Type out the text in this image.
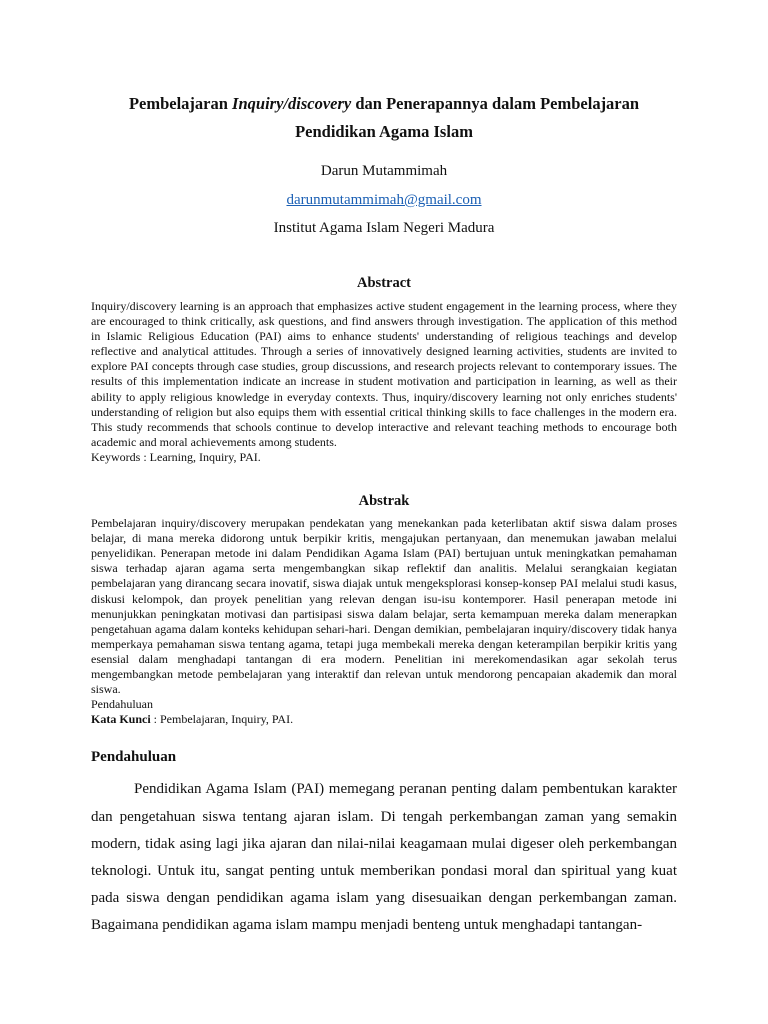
Pembelajaran Inquiry/discovery dan Penerapannya dalam Pembelajaran
Pendidikan Agama Islam
Darun Mutammimah
darunmutammimah@gmail.com
Institut Agama Islam Negeri Madura
Abstract
Inquiry/discovery learning is an approach that emphasizes active student engagement in the learning process, where they are encouraged to think critically, ask questions, and find answers through investigation. The application of this method in Islamic Religious Education (PAI) aims to enhance students' understanding of religious teachings and develop reflective and analytical attitudes. Through a series of innovatively designed learning activities, students are invited to explore PAI concepts through case studies, group discussions, and research projects relevant to contemporary issues. The results of this implementation indicate an increase in student motivation and participation in learning, as well as their ability to apply religious knowledge in everyday contexts. Thus, inquiry/discovery learning not only enriches students' understanding of religion but also equips them with essential critical thinking skills to face challenges in the modern era. This study recommends that schools continue to develop interactive and relevant teaching methods to encourage both academic and moral achievements among students.
Keywords : Learning, Inquiry, PAI.
Abstrak
Pembelajaran inquiry/discovery merupakan pendekatan yang menekankan pada keterlibatan aktif siswa dalam proses belajar, di mana mereka didorong untuk berpikir kritis, mengajukan pertanyaan, dan menemukan jawaban melalui penyelidikan. Penerapan metode ini dalam Pendidikan Agama Islam (PAI) bertujuan untuk meningkatkan pemahaman siswa terhadap ajaran agama serta mengembangkan sikap reflektif dan analitis. Melalui serangkaian kegiatan pembelajaran yang dirancang secara inovatif, siswa diajak untuk mengeksplorasi konsep-konsep PAI melalui studi kasus, diskusi kelompok, dan proyek penelitian yang relevan dengan isu-isu kontemporer. Hasil penerapan metode ini menunjukkan peningkatan motivasi dan partisipasi siswa dalam belajar, serta kemampuan mereka dalam menerapkan pengetahuan agama dalam konteks kehidupan sehari-hari. Dengan demikian, pembelajaran inquiry/discovery tidak hanya memperkaya pemahaman siswa tentang agama, tetapi juga membekali mereka dengan keterampilan berpikir kritis yang esensial dalam menghadapi tantangan di era modern. Penelitian ini merekomendasikan agar sekolah terus mengembangkan metode pembelajaran yang interaktif dan relevan untuk mendorong pencapaian akademik dan moral siswa.
Pendahuluan
Kata Kunci : Pembelajaran, Inquiry, PAI.
Pendahuluan

Pendidikan Agama Islam (PAI) memegang peranan penting dalam pembentukan karakter dan pengetahuan siswa tentang ajaran islam. Di tengah perkembangan zaman yang semakin modern, tidak asing lagi jika ajaran dan nilai-nilai keagamaan mulai digeser oleh perkembangan teknologi. Untuk itu, sangat penting untuk memberikan pondasi moral dan spiritual yang kuat pada siswa dengan pendidikan agama islam yang disesuaikan dengan perkembangan zaman. Bagaimana pendidikan agama islam mampu menjadi benteng untuk menghadapi tantangan-
